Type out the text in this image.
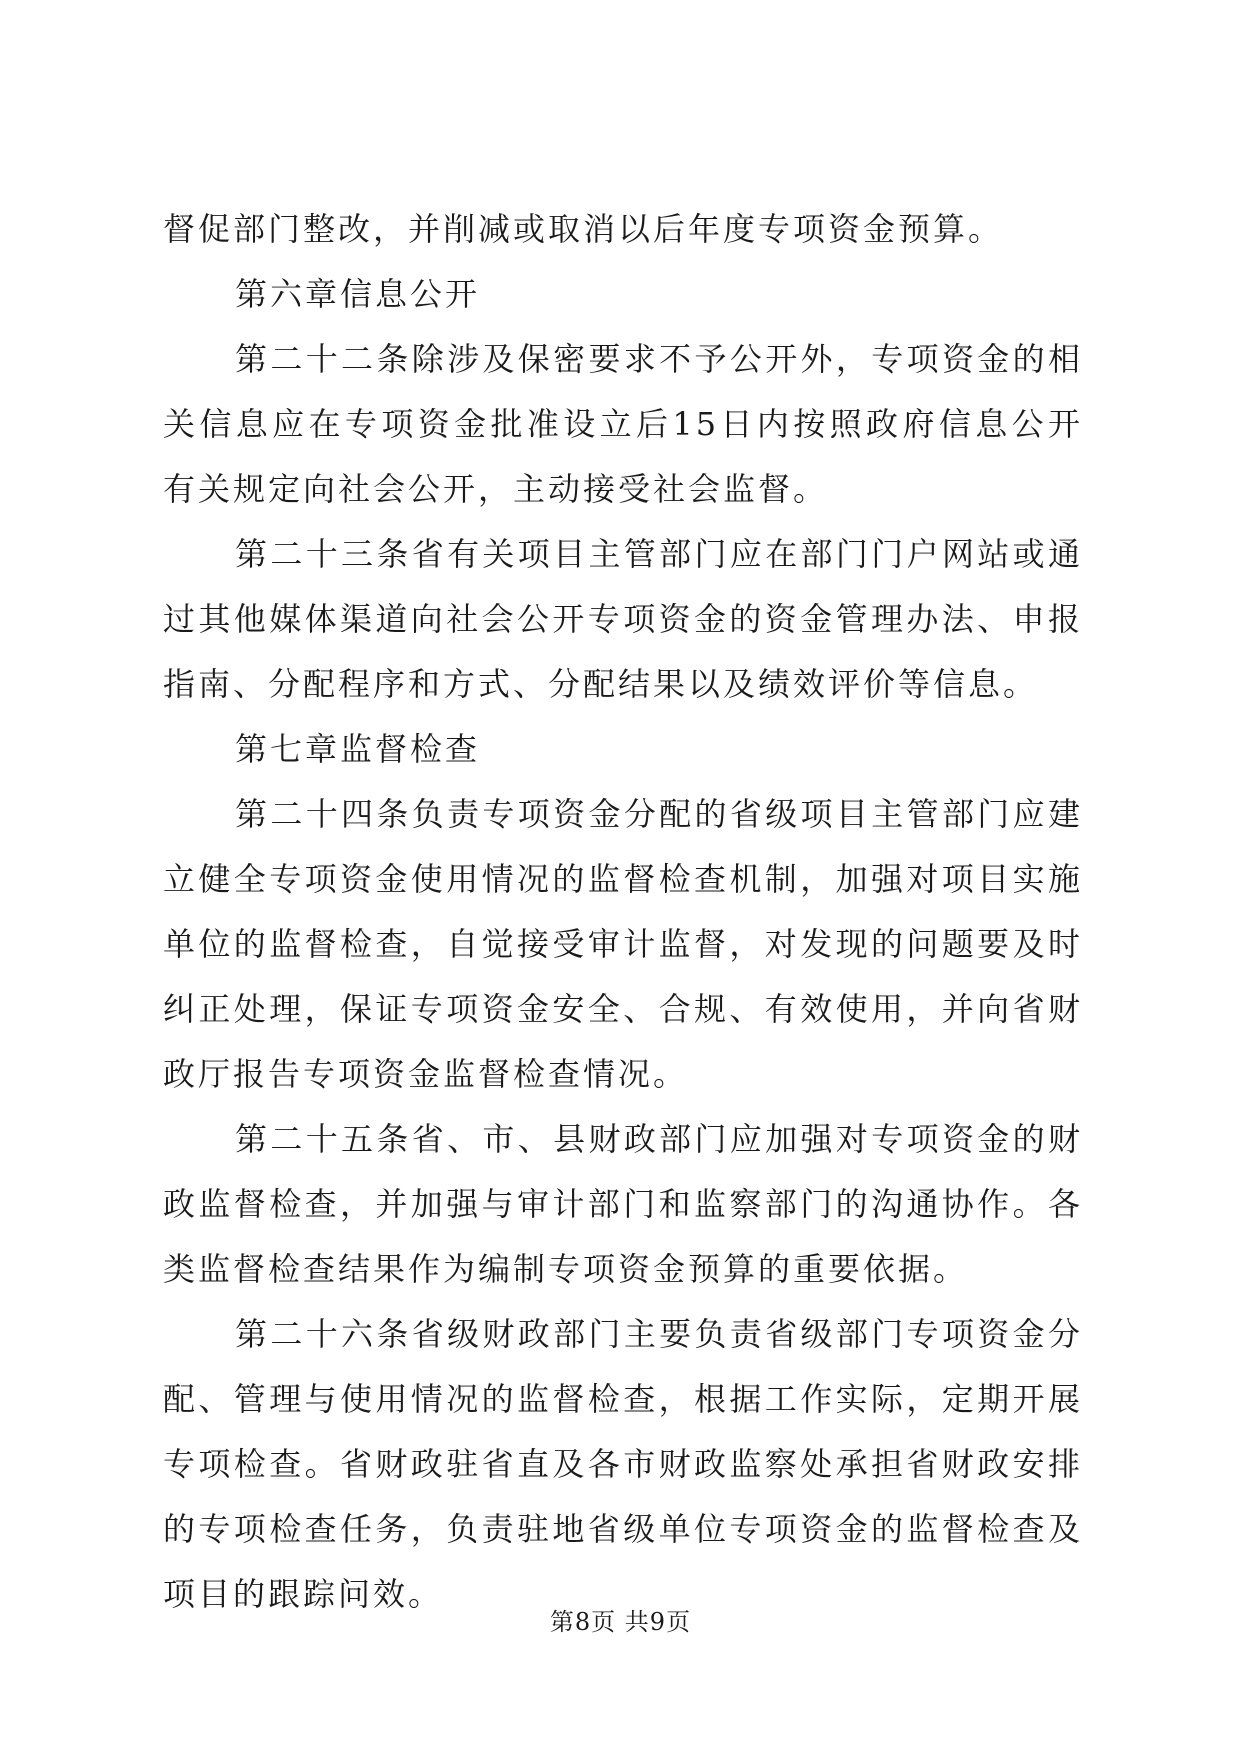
督促部门整改，并削减或取消以后年度专项资金预算。

第六章信息公开

第二十二条除涉及保密要求不予公开外，专项资金的相关信息应在专项资金批准设立后15日内按照政府信息公开有关规定向社会公开，主动接受社会监督。

第二十三条省有关项目主管部门应在部门门户网站或通过其他媒体渠道向社会公开专项资金的资金管理办法、申报指南、分配程序和方式、分配结果以及绩效评价等信息。

第七章监督检查

第二十四条负责专项资金分配的省级项目主管部门应建立健全专项资金使用情况的监督检查机制，加强对项目实施单位的监督检查，自觉接受审计监督，对发现的问题要及时纠正处理，保证专项资金安全、合规、有效使用，并向省财政厅报告专项资金监督检查情况。

第二十五条省、市、县财政部门应加强对专项资金的财政监督检查，并加强与审计部门和监察部门的沟通协作。各类监督检查结果作为编制专项资金预算的重要依据。

第二十六条省级财政部门主要负责省级部门专项资金分配、管理与使用情况的监督检查，根据工作实际，定期开展专项检查。省财政驻省直及各市财政监察处承担省财政安排的专项检查任务，负责驻地省级单位专项资金的监督检查及项目的跟踪问效。

第8页 共9页
